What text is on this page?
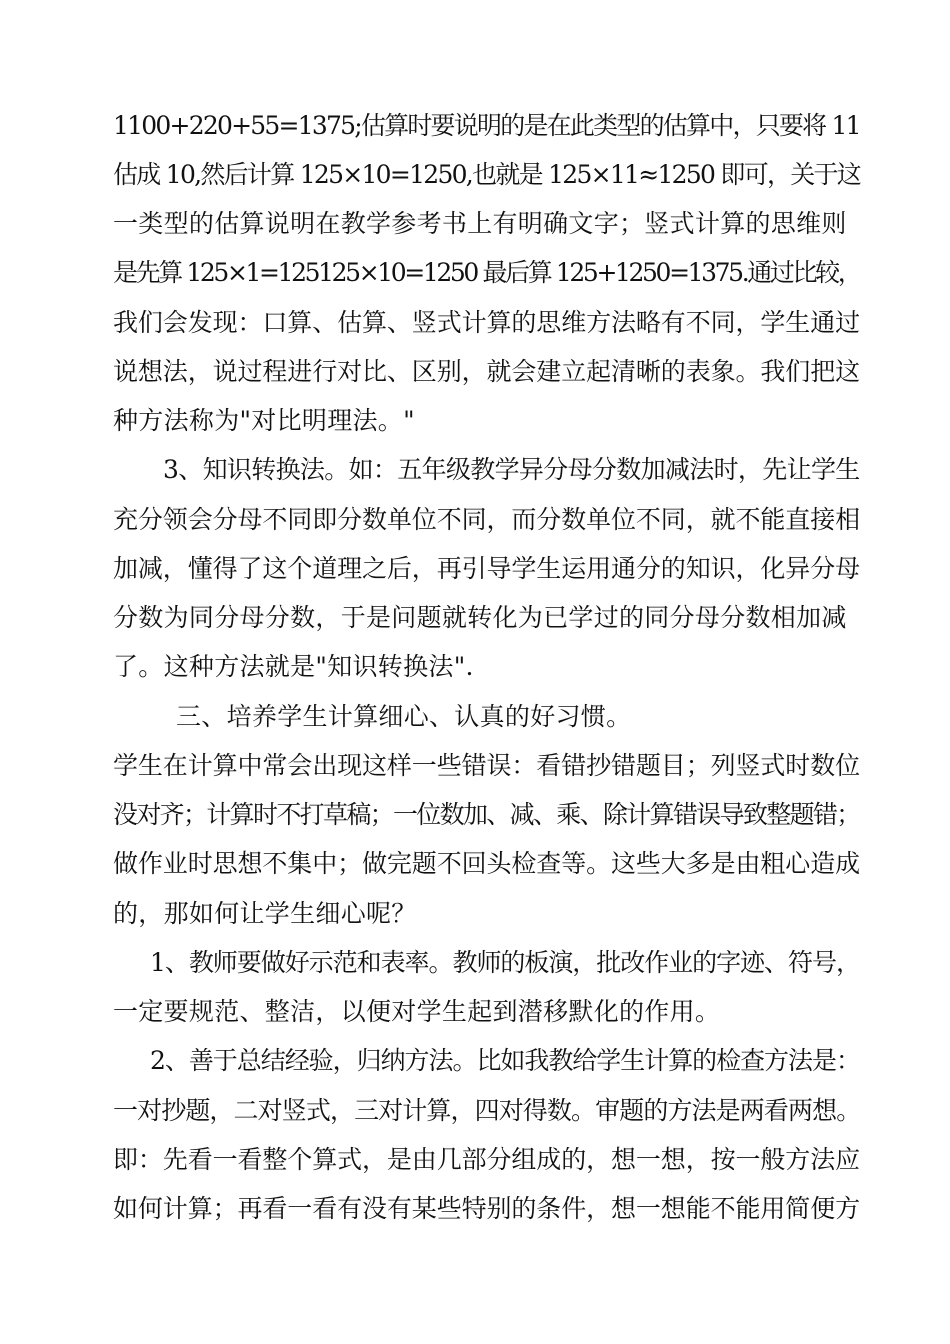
1100+220+55=1375;估算时要说明的是在此类型的估算中，只要将 11
估成 10,然后计算 125×10=1250,也就是 125×11≈1250 即可，关于这
一类型的估算说明在教学参考书上有明确文字；竖式计算的思维则
是先算 125×1=125125×10=1250 最后算 125+1250=1375.通过比较，
我们会发现：口算、估算、竖式计算的思维方法略有不同，学生通过
说想法，说过程进行对比、区别，就会建立起清晰的表象。我们把这
种方法称为"对比明理法。"
3、知识转换法。如：五年级教学异分母分数加减法时，先让学生
充分领会分母不同即分数单位不同，而分数单位不同，就不能直接相
加减，懂得了这个道理之后，再引导学生运用通分的知识，化异分母
分数为同分母分数，于是问题就转化为已学过的同分母分数相加减
了。这种方法就是"知识转换法".
三、培养学生计算细心、认真的好习惯。
学生在计算中常会出现这样一些错误：看错抄错题目；列竖式时数位
没对齐；计算时不打草稿；一位数加、减、乘、除计算错误导致整题错；
做作业时思想不集中；做完题不回头检查等。这些大多是由粗心造成
的，那如何让学生细心呢？
1、教师要做好示范和表率。教师的板演，批改作业的字迹、符号，
一定要规范、整洁，以便对学生起到潜移默化的作用。
2、善于总结经验，归纳方法。比如我教给学生计算的检查方法是：
一对抄题，二对竖式，三对计算，四对得数。审题的方法是两看两想。
即：先看一看整个算式，是由几部分组成的，想一想，按一般方法应
如何计算；再看一看有没有某些特别的条件，想一想能不能用简便方
